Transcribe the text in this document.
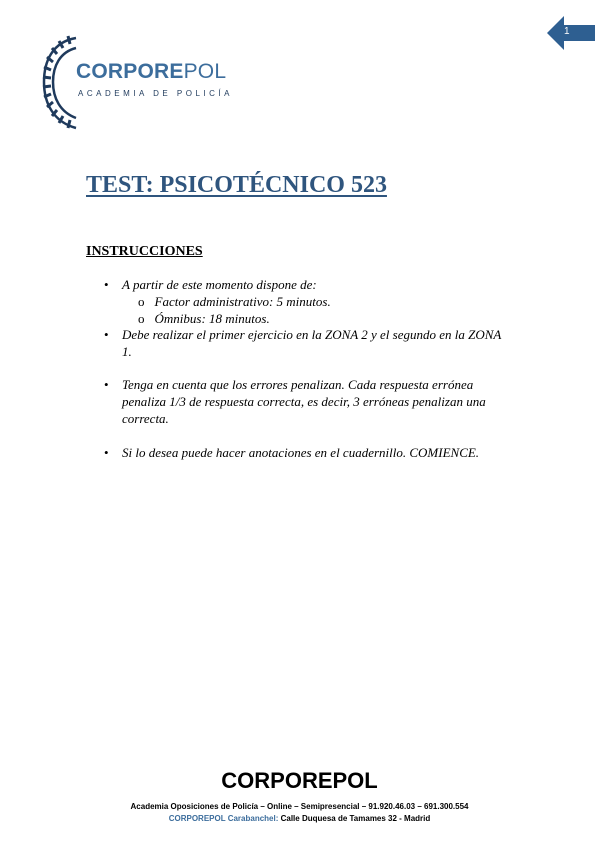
1
CORPOREPOL
ACADEMIA DE POLICÍA
TEST: PSICOTÉCNICO 523
INSTRUCCIONES
• A partir de este momento dispone de:
o Factor administrativo: 5 minutos.
o Ómnibus: 18 minutos.
• Debe realizar el primer ejercicio en la ZONA 2 y el segundo en la ZONA 1.
• Tenga en cuenta que los errores penalizan. Cada respuesta errónea penaliza 1/3 de respuesta correcta, es decir, 3 erróneas penalizan una correcta.
• Si lo desea puede hacer anotaciones en el cuadernillo. COMIENCE.
CORPOREPOL
Academia Oposiciones de Policía – Online – Semipresencial – 91.920.46.03 – 691.300.554
CORPOREPOL Carabanchel: Calle Duquesa de Tamames 32 - Madrid
